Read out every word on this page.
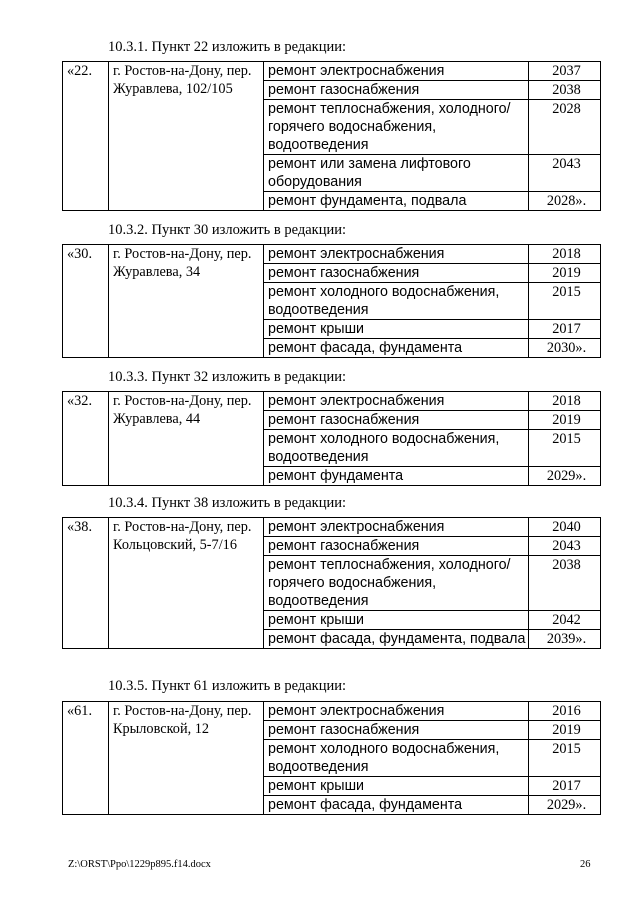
10.3.1. Пункт 22 изложить в редакции:
«22.	г. Ростов-на-Дону, пер. Журавлева, 102/105	ремонт электроснабжения	2037
		ремонт газоснабжения	2038
		ремонт теплоснабжения, холодного/горячего водоснабжения, водоотведения	2028
		ремонт или замена лифтового оборудования	2043
		ремонт фундамента, подвала	2028».
10.3.2. Пункт 30 изложить в редакции:
«30.	г. Ростов-на-Дону, пер. Журавлева, 34	ремонт электроснабжения	2018
		ремонт газоснабжения	2019
		ремонт холодного водоснабжения, водоотведения	2015
		ремонт крыши	2017
		ремонт фасада, фундамента	2030».
10.3.3. Пункт 32 изложить в редакции:
«32.	г. Ростов-на-Дону, пер. Журавлева, 44	ремонт электроснабжения	2018
		ремонт газоснабжения	2019
		ремонт холодного водоснабжения, водоотведения	2015
		ремонт фундамента	2029».
10.3.4. Пункт 38 изложить в редакции:
«38.	г. Ростов-на-Дону, пер. Кольцовский, 5-7/16	ремонт электроснабжения	2040
		ремонт газоснабжения	2043
		ремонт теплоснабжения, холодного/горячего водоснабжения, водоотведения	2038
		ремонт крыши	2042
		ремонт фасада, фундамента, подвала	2039».
10.3.5. Пункт 61 изложить в редакции:
«61.	г. Ростов-на-Дону, пер. Крыловской, 12	ремонт электроснабжения	2016
		ремонт газоснабжения	2019
		ремонт холодного водоснабжения, водоотведения	2015
		ремонт крыши	2017
		ремонт фасада, фундамента	2029».
Z:\ORST\Ppo\1229p895.f14.docx	26
